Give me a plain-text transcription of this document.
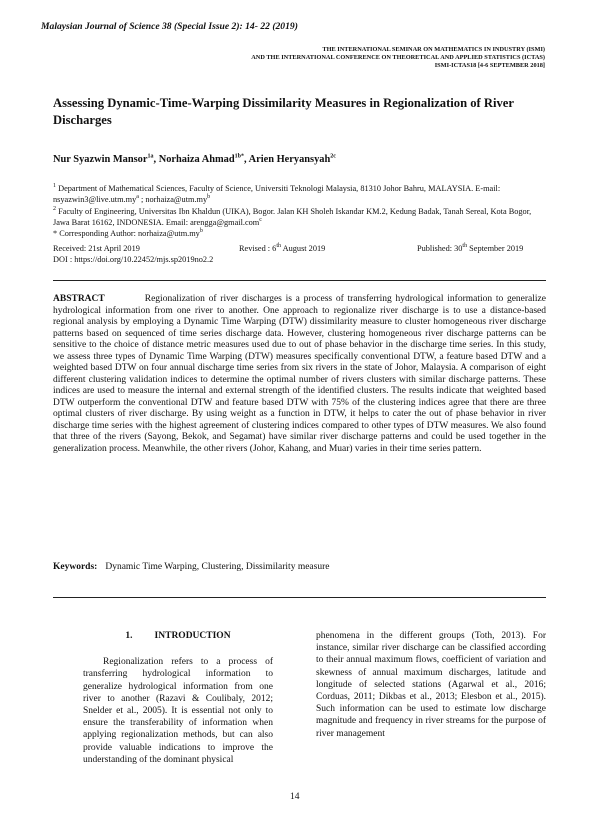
Malaysian Journal of Science 38 (Special Issue 2): 14- 22 (2019)
THE INTERNATIONAL SEMINAR ON MATHEMATICS IN INDUSTRY (ISMI)
AND THE INTERNATIONAL CONFERENCE ON THEORETICAL AND APPLIED STATISTICS (ICTAS)
ISMI-ICTAS18 [4-6 SEPTEMBER 2018]
Assessing Dynamic-Time-Warping Dissimilarity Measures in Regionalization of River Discharges
Nur Syazwin Mansor$^{1a}$, Norhaiza Ahmad$^{1b*}$, Arien Heryansyah$^{2c}$

$^1$ Department of Mathematical Sciences, Faculty of Science, Universiti Teknologi Malaysia, 81310 Johor Bahru, MALAYSIA. E-mail: $nsyazwin3@live.utm.my^a$ ; $norhaiza@utm.my^b$

$^2$ Faculty of Engineering, Universitas Ibn Khaldun (UIKA), Bogor. Jalan KH Sholeh Iskandar KM.2, Kedung Badak, Tanah Sereal, Kota Bogor, Jawa Barat 16162, INDONESIA. Email: arengga@gmail.com$^c$

* Corresponding Author: $norhaiza@utm.my^b$

Received: 21st April 2019	Revised : 6th August 2019	Published: 30th September 2019
DOI : https://doi.org/10.22452/mjs.sp2019no2.2
ABSTRACT	Regionalization of river discharges is a process of transferring hydrological information to generalize hydrological information from one river to another. One approach to regionalize river discharge is to use a distance-based regional analysis by employing a Dynamic Time Warping (DTW) dissimilarity measure to cluster homogeneous river discharge patterns based on sequenced of time series discharge data. However, clustering homogeneous river discharge patterns can be sensitive to the choice of distance metric measures used due to out of phase behavior in the discharge time series. In this study, we assess three types of Dynamic Time Warping (DTW) measures specifically conventional DTW, a feature based DTW and a weighted based DTW on four annual discharge time series from six rivers in the state of Johor, Malaysia. A comparison of eight different clustering validation indices to determine the optimal number of rivers clusters with similar discharge patterns. These indices are used to measure the internal and external strength of the identified clusters. The results indicate that weighted based DTW outperform the conventional DTW and feature based DTW with 75% of the clustering indices agree that there are three optimal clusters of river discharge. By using weight as a function in DTW, it helps to cater the out of phase behavior in river discharge time series with the highest agreement of clustering indices compared to other types of DTW measures. We also found that three of the rivers (Sayong, Bekok, and Segamat) have similar river discharge patterns and could be used together in the generalization process. Meanwhile, the other rivers (Johor, Kahang, and Muar) varies in their time series pattern.
Keywords: Dynamic Time Warping, Clustering, Dissimilarity measure
1. INTRODUCTION

Regionalization refers to a process of transferring hydrological information to generalize hydrological information from one river to another (Razavi & Coulibaly, 2012; Snelder et al., 2005). It is essential not only to ensure the transferability of information when applying regionalization methods, but can also provide valuable indications to improve the understanding of the dominant physical

phenomena in the different groups (Toth, 2013). For instance, similar river discharge can be classified according to their annual maximum flows, coefficient of variation and skewness of annual maximum discharges, latitude and longitude of selected stations (Agarwal et al., 2016; Corduas, 2011; Dikbas et al., 2013; Elesbon et al., 2015). Such information can be used to estimate low discharge magnitude and frequency in river streams for the purpose of river management

14
